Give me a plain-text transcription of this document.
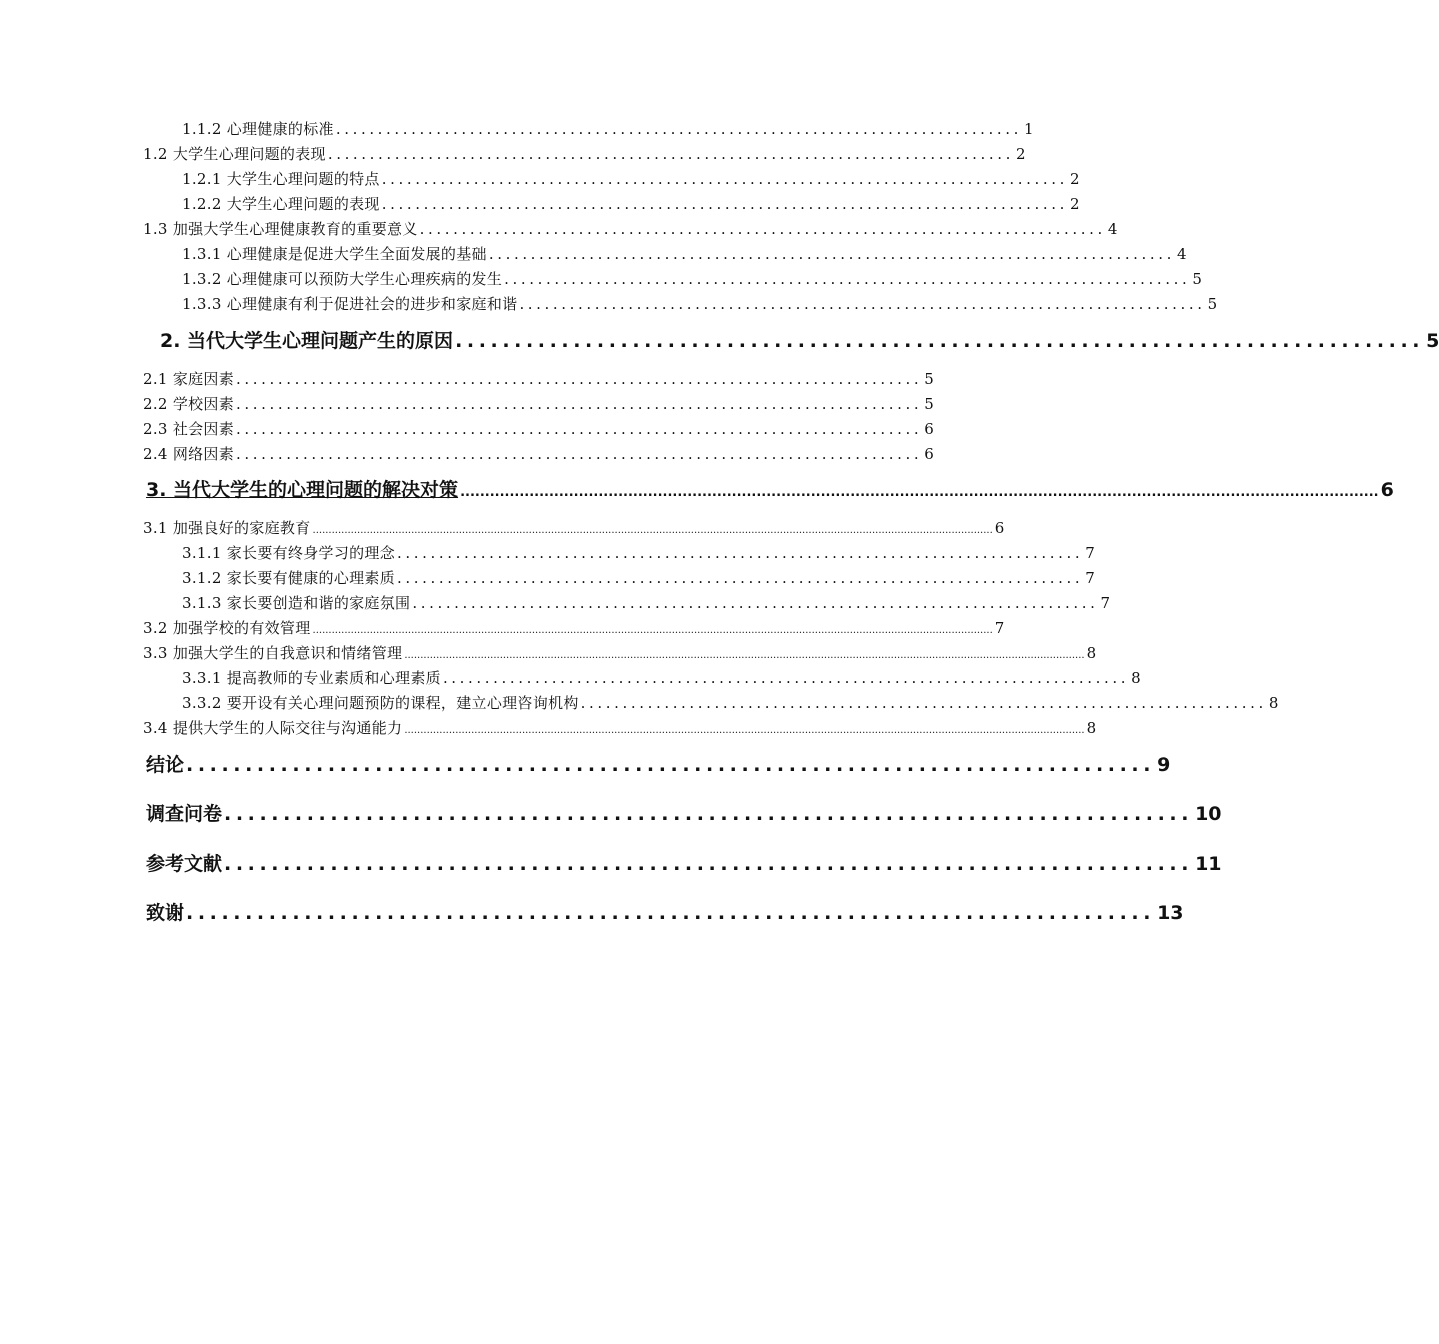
1.1.2 心理健康的标准 .................................................................................. 1
1.2 大学生心理问题的表现 .................................................................................. 2
1.2.1 大学生心理问题的特点 .................................................................................. 2
1.2.2 大学生心理问题的表现 .................................................................................. 2
1.3 加强大学生心理健康教育的重要意义 .................................................................................. 4
1.3.1 心理健康是促进大学生全面发展的基础 .................................................................................. 4
1.3.2 心理健康可以预防大学生心理疾病的发生 .................................................................................. 5
1.3.3 心理健康有利于促进社会的进步和家庭和谐 .................................................................................. 5
2. 当代大学生心理问题产生的原因 .................................................................................. 5
2.1 家庭因素 .................................................................................. 5
2.2 学校因素 .................................................................................. 5
2.3 社会因素 .................................................................................. 6
2.4 网络因素 .................................................................................. 6
3. 当代大学生的心理问题的解决对策 .......................................................................................................................................................................................... 6
3.1 加强良好的家庭教育 ...................................................................................................................................................................................................................... 6
3.1.1 家长要有终身学习的理念 .................................................................................. 7
3.1.2 家长要有健康的心理素质 .................................................................................. 7
3.1.3 家长要创造和谐的家庭氛围 .................................................................................. 7
3.2 加强学校的有效管理 ...................................................................................................................................................................................................................... 7
3.3 加强大学生的自我意识和情绪管理 ...................................................................................................................................................................................................................... 8
3.3.1 提高教师的专业素质和心理素质 .................................................................................. 8
3.3.2 要开设有关心理问题预防的课程，建立心理咨询机构 .................................................................................. 8
3.4 提供大学生的人际交往与沟通能力 ...................................................................................................................................................................................................................... 8
结论 .................................................................................. 9
调查问卷 .................................................................................. 10
参考文献 .................................................................................. 11
致谢 .................................................................................. 13
